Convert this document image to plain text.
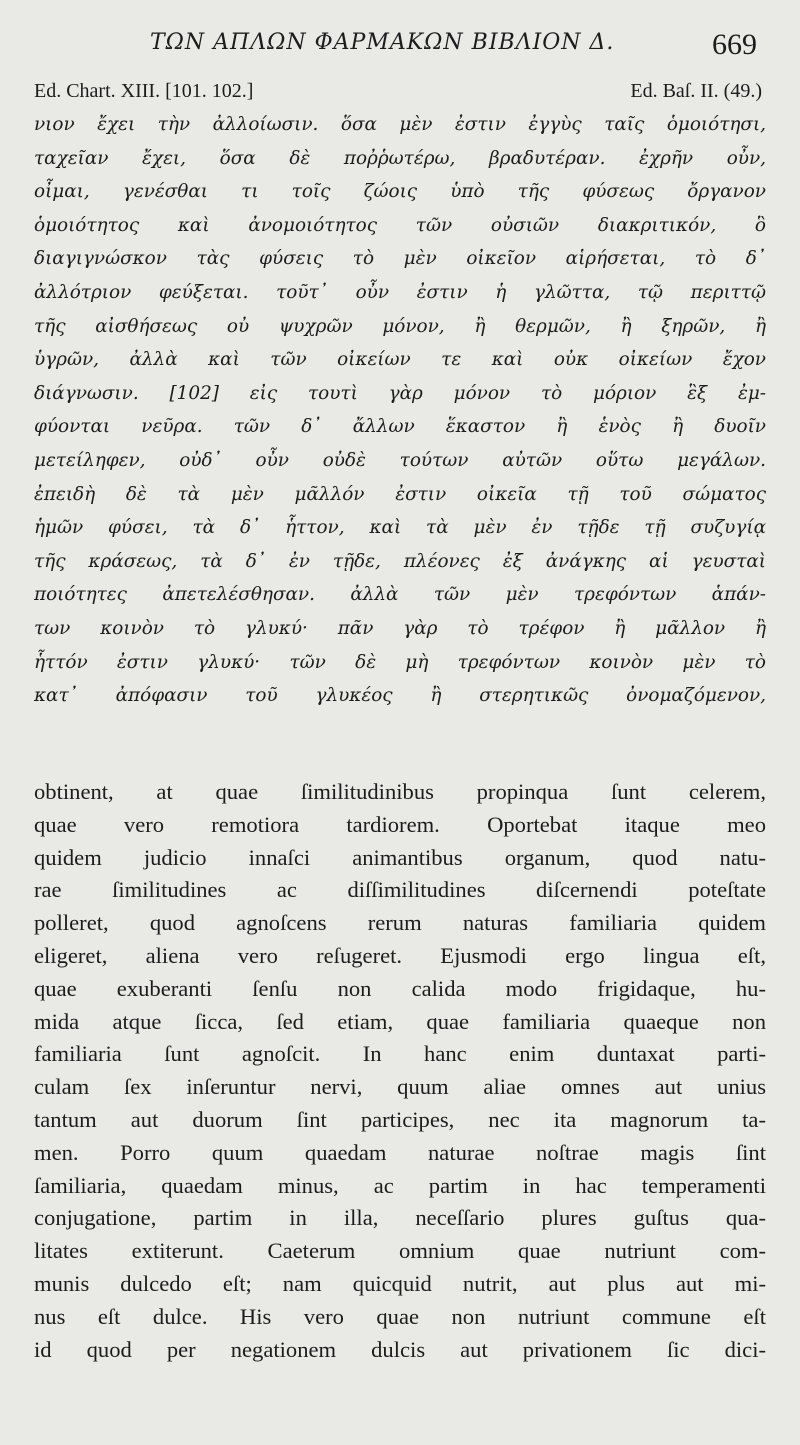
ΤΩΝ ΑΠΛΩΝ ΦΑΡΜΑΚΩΝ ΒΙΒΛΙΟΝ Δ.	669
Ed. Chart. XIII. [101. 102.]	Ed. Baſ. II. (49.)
νιον ἔχει τὴν ἀλλοίωσιν. ὅσα μὲν ἐστιν ἐγγὺς ταῖς ὁμοιότησι,
ταχεῖαν ἔχει, ὅσα δὲ ποῤῥωτέρω, βραδυτέραν. ἐχρῆν οὖν,
οἶμαι, γενέσθαι τι τοῖς ζώοις ὑπὸ τῆς φύσεως ὄργανον
ὁμοιότητος καὶ ἀνομοιότητος τῶν οὐσιῶν διακριτικόν, ὃ
διαγιγνώσκον τὰς φύσεις τὸ μὲν οἰκεῖον αἱρήσεται, τὸ δ᾽
ἀλλότριον φεύξεται. τοῦτ᾽ οὖν ἐστιν ἡ γλῶττα, τῷ περιττῷ
τῆς αἰσθήσεως οὐ ψυχρῶν μόνον, ἢ θερμῶν, ἢ ξηρῶν, ἢ
ὑγρῶν, ἀλλὰ καὶ τῶν οἰκείων τε καὶ οὐκ οἰκείων ἔχον
διάγνωσιν. [102] εἰς τουτὶ γὰρ μόνον τὸ μόριον ἓξ ἐμ-
φύονται νεῦρα. τῶν δ᾽ ἄλλων ἕκαστον ἢ ἑνὸς ἢ δυοῖν
μετείληφεν, οὐδ᾽ οὖν οὐδὲ τούτων αὐτῶν οὕτω μεγάλων.
ἐπειδὴ δὲ τὰ μὲν μᾶλλόν ἐστιν οἰκεῖα τῇ τοῦ σώματος
ἡμῶν φύσει, τὰ δ᾽ ἧττον, καὶ τὰ μὲν ἐν τῇδε τῇ συζυγίᾳ
τῆς κράσεως, τὰ δ᾽ ἐν τῇδε, πλέονες ἐξ ἀνάγκης αἱ γευσταὶ
ποιότητες ἀπετελέσθησαν. ἀλλὰ τῶν μὲν τρεφόντων ἁπάν-
των κοινὸν τὸ γλυκύ· πᾶν γὰρ τὸ τρέφον ἢ μᾶλλον ἢ
ἧττόν ἐστιν γλυκύ· τῶν δὲ μὴ τρεφόντων κοινὸν μὲν τὸ
κατ᾽ ἀπόφασιν τοῦ γλυκέος ἢ στερητικῶς ὀνομαζόμενον,
obtinent, at quae ſimilitudinibus propinqua ſunt celerem,
quae vero remotiora tardiorem. Oportebat itaque meo
quidem judicio innaſci animantibus organum, quod natu-
rae ſimilitudines ac diſſimilitudines diſcernendi poteſtate
polleret, quod agnoſcens rerum naturas familiaria quidem
eligeret, aliena vero reſugeret. Ejusmodi ergo lingua eſt,
quae exuberanti ſenſu non calida modo frigidaque, hu-
mida atque ſicca, ſed etiam, quae familiaria quaeque non
familiaria ſunt agnoſcit. In hanc enim duntaxat parti-
culam ſex inſeruntur nervi, quum aliae omnes aut unius
tantum aut duorum ſint participes, nec ita magnorum ta-
men. Porro quum quaedam naturae noſtrae magis ſint
ſamiliaria, quaedam minus, ac partim in hac temperamenti
conjugatione, partim in illa, neceſſario plures guſtus qua-
litates extiterunt. Caeterum omnium quae nutriunt com-
munis dulcedo eſt; nam quicquid nutrit, aut plus aut mi-
nus eſt dulce. His vero quae non nutriunt commune eſt
id quod per negationem dulcis aut privationem ſic dici-
